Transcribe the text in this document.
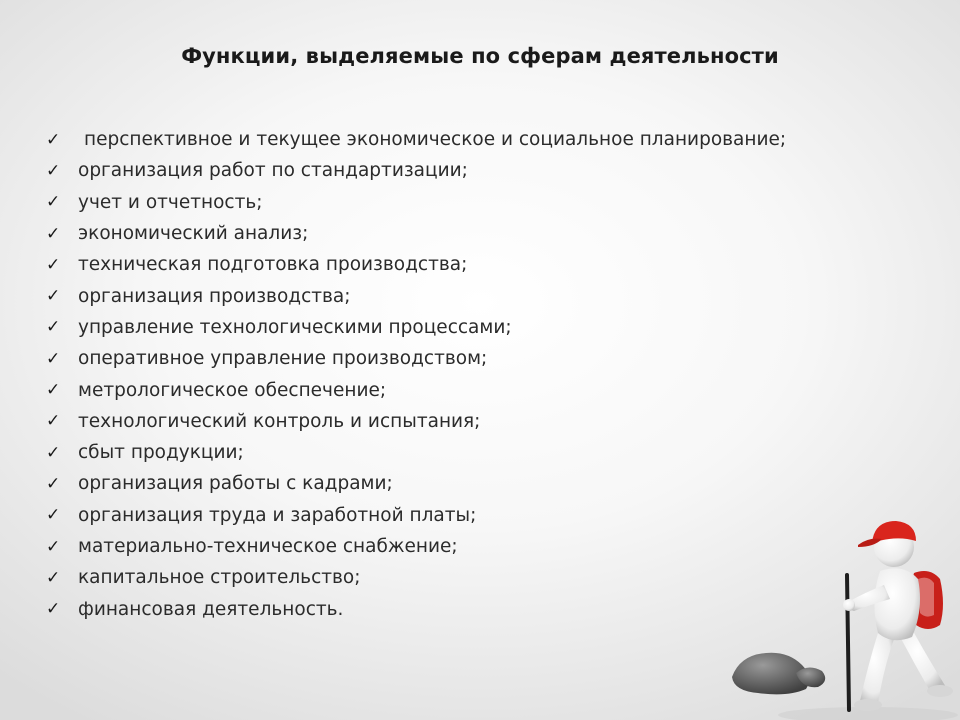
Функции, выделяемые по сферам деятельности
✓	перспективное и текущее экономическое и социальное планирование;
✓ организация работ по стандартизации;
✓ учет и отчетность;
✓ экономический анализ;
✓ техническая подготовка производства;
✓ организация производства;
✓ управление технологическими процессами;
✓ оперативное управление производством;
✓ метрологическое обеспечение;
✓ технологический контроль и испытания;
✓ сбыт продукции;
✓ организация работы с кадрами;
✓ организация труда и заработной платы;
✓ материально-техническое снабжение;
✓ капитальное строительство;
✓ финансовая деятельность.
